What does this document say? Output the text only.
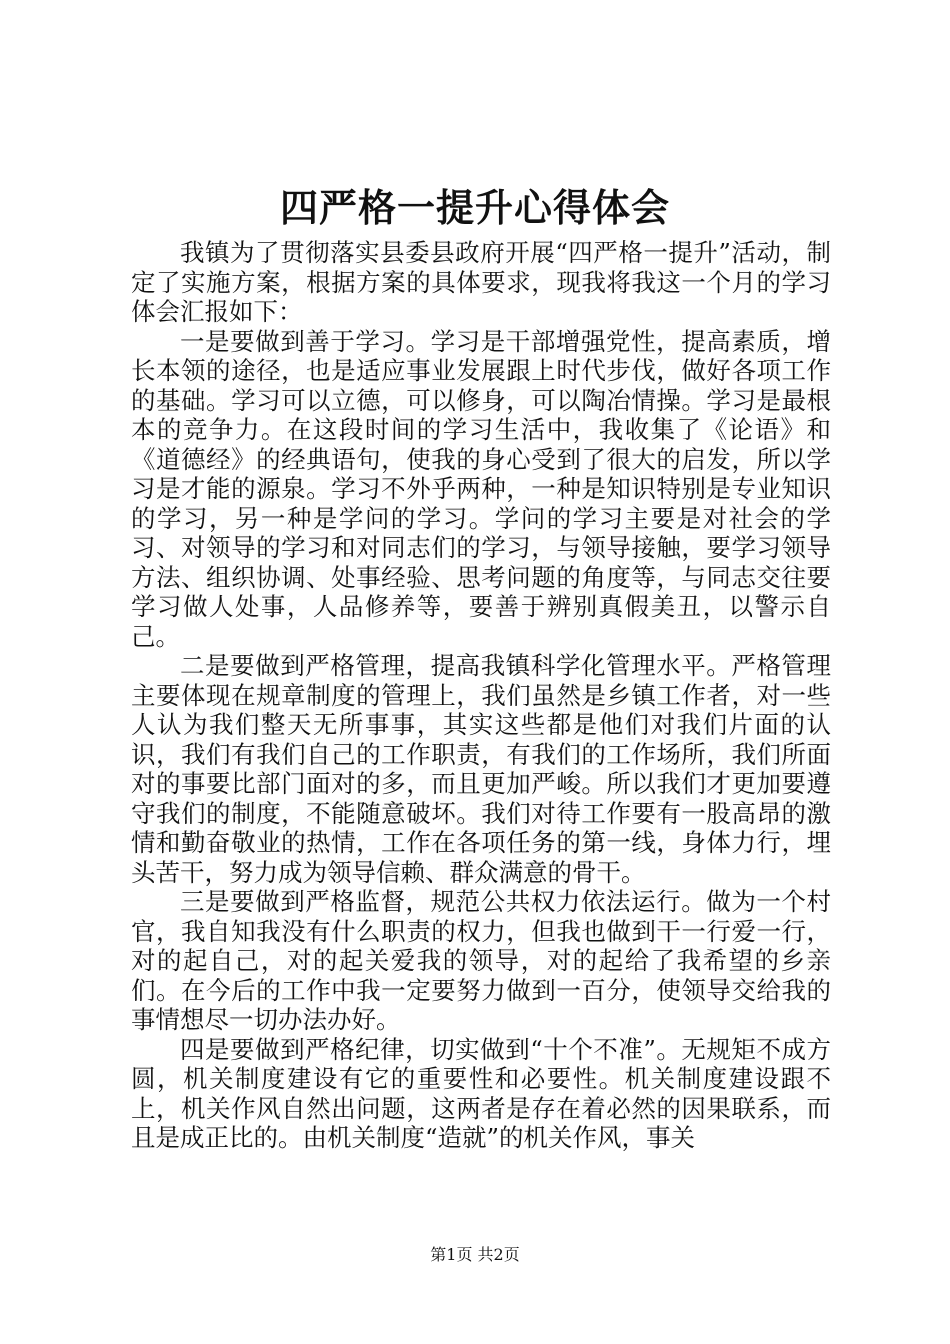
四严格一提升心得体会

我镇为了贯彻落实县委县政府开展“四严格一提升”活动，制定了实施方案，根据方案的具体要求，现我将我这一个月的学习体会汇报如下：

一是要做到善于学习。学习是干部增强党性，提高素质，增长本领的途径，也是适应事业发展跟上时代步伐，做好各项工作的基础。学习可以立德，可以修身，可以陶冶情操。学习是最根本的竞争力。在这段时间的学习生活中，我收集了《论语》和《道德经》的经典语句，使我的身心受到了很大的启发，所以学习是才能的源泉。学习不外乎两种，一种是知识特别是专业知识的学习，另一种是学问的学习。学问的学习主要是对社会的学习、对领导的学习和对同志们的学习，与领导接触，要学习领导方法、组织协调、处事经验、思考问题的角度等，与同志交往要学习做人处事，人品修养等，要善于辨别真假美丑，以警示自己。

二是要做到严格管理，提高我镇科学化管理水平。严格管理主要体现在规章制度的管理上，我们虽然是乡镇工作者，对一些人认为我们整天无所事事，其实这些都是他们对我们片面的认识，我们有我们自己的工作职责，有我们的工作场所，我们所面对的事要比部门面对的多，而且更加严峻。所以我们才更加要遵守我们的制度，不能随意破坏。我们对待工作要有一股高昂的激情和勤奋敬业的热情，工作在各项任务的第一线，身体力行，埋头苦干，努力成为领导信赖、群众满意的骨干。

三是要做到严格监督，规范公共权力依法运行。做为一个村官，我自知我没有什么职责的权力，但我也做到干一行爱一行，对的起自己，对的起关爱我的领导，对的起给了我希望的乡亲们。在今后的工作中我一定要努力做到一百分，使领导交给我的事情想尽一切办法办好。

四是要做到严格纪律，切实做到“十个不准”。无规矩不成方圆，机关制度建设有它的重要性和必要性。机关制度建设跟不上，机关作风自然出问题，这两者是存在着必然的因果联系，而且是成正比的。由机关制度“造就”的机关作风，事关

第1页 共2页
